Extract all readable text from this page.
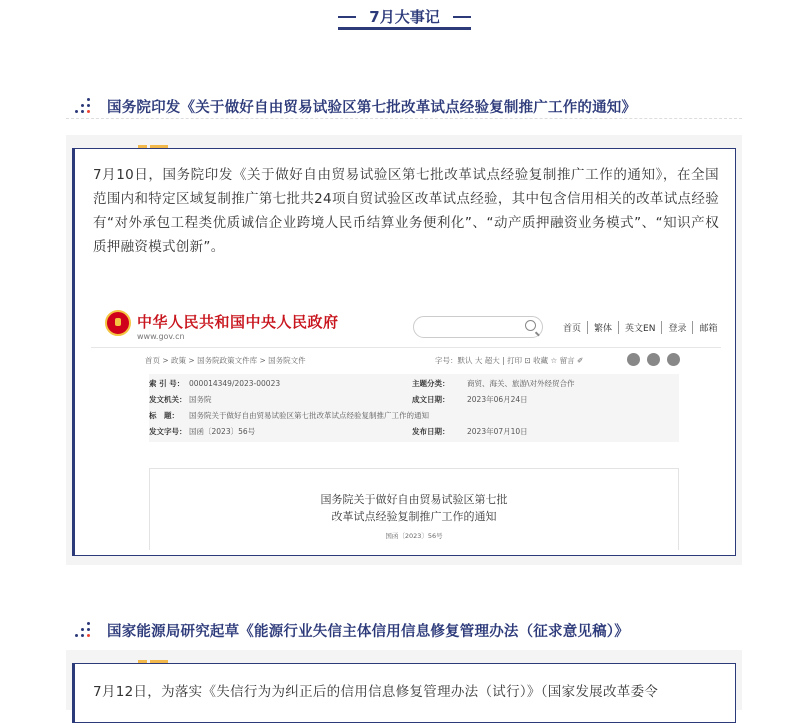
7月大事记
国务院印发《关于做好自由贸易试验区第七批改革试点经验复制推广工作的通知》
7月10日，国务院印发《关于做好自由贸易试验区第七批改革试点经验复制推广工作的通知》，在全国范围内和特定区域复制推广第七批共24项自贸试验区改革试点经验，其中包含信用相关的改革试点经验有“对外承包工程类优质诚信企业跨境人民币结算业务便利化”、“动产质押融资业务模式”、“知识产权质押融资模式创新”。
中华人民共和国中央人民政府
www.gov.cn
首页	繁体	英文EN	登录	邮箱
首页 > 政策 > 国务院政策文件库 > 国务院文件	字号：默认 大 超大 | 打印 ⊡ 收藏 ☆ 留言 ✐
索 引 号： 000014349/2023-00023	主题分类：	商贸、海关、旅游\对外经贸合作
发文机关： 国务院	成文日期：	2023年06月24日
标　题：	国务院关于做好自由贸易试验区第七批改革试点经验复制推广工作的通知
发文字号： 国函〔2023〕56号	发布日期：	2023年07月10日
国务院关于做好自由贸易试验区第七批
改革试点经验复制推广工作的通知
国函〔2023〕56号
国家能源局研究起草《能源行业失信主体信用信息修复管理办法（征求意见稿）》
7月12日，为落实《失信行为为纠正后的信用信息修复管理办法（试行）》（国家发展改革委令
